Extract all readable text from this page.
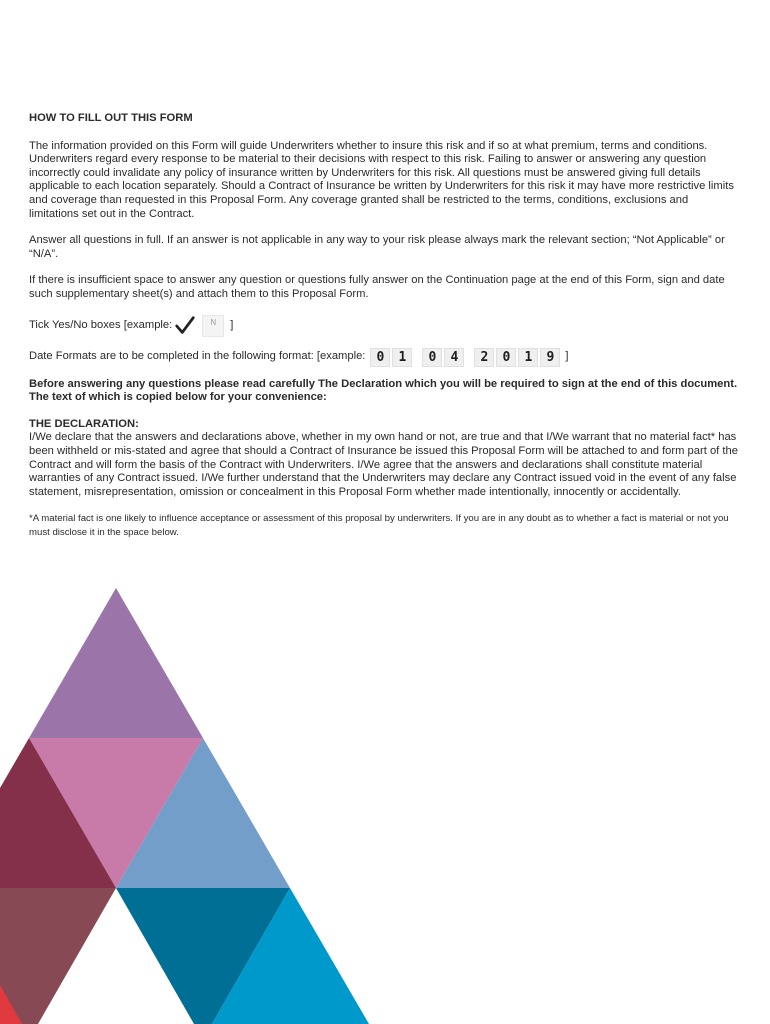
HOW TO FILL OUT THIS FORM

The information provided on this Form will guide Underwriters whether to insure this risk and if so at what premium, terms and conditions. Underwriters regard every response to be material to their decisions with respect to this risk. Failing to answer or answering any question incorrectly could invalidate any policy of insurance written by Underwriters for this risk. All questions must be answered giving full details applicable to each location separately. Should a Contract of Insurance be written by Underwriters for this risk it may have more restrictive limits and coverage than requested in this Proposal Form. Any coverage granted shall be restricted to the terms, conditions, exclusions and limitations set out in the Contract.

Answer all questions in full. If an answer is not applicable in any way to your risk please always mark the relevant section; “Not Applicable” or “N/A”.

If there is insufficient space to answer any question or questions fully answer on the Continuation page at the end of this Form, sign and date such supplementary sheet(s) and attach them to this Proposal Form.

Tick Yes/No boxes [example:	N	]
Date Formats are to be completed in the following format: [example: 0	1	0	4	2	0	1	9 ]

Before answering any questions please read carefully The Declaration which you will be required to sign at the end of this document. The text of which is copied below for your convenience:

THE DECLARATION:

I/We declare that the answers and declarations above, whether in my own hand or not, are true and that I/We warrant that no material fact* has been withheld or mis-stated and agree that should a Contract of Insurance be issued this Proposal Form will be attached to and form part of the Contract and will form the basis of the Contract with Underwriters. I/We agree that the answers and declarations shall constitute material warranties of any Contract issued. I/We further understand that the Underwriters may declare any Contract issued void in the event of any false statement, misrepresentation, omission or concealment in this Proposal Form whether made intentionally, innocently or accidentally.

*A material fact is one likely to influence acceptance or assessment of this proposal by underwriters. If you are in any doubt as to whether a fact is material or not you must disclose it in the space below.
